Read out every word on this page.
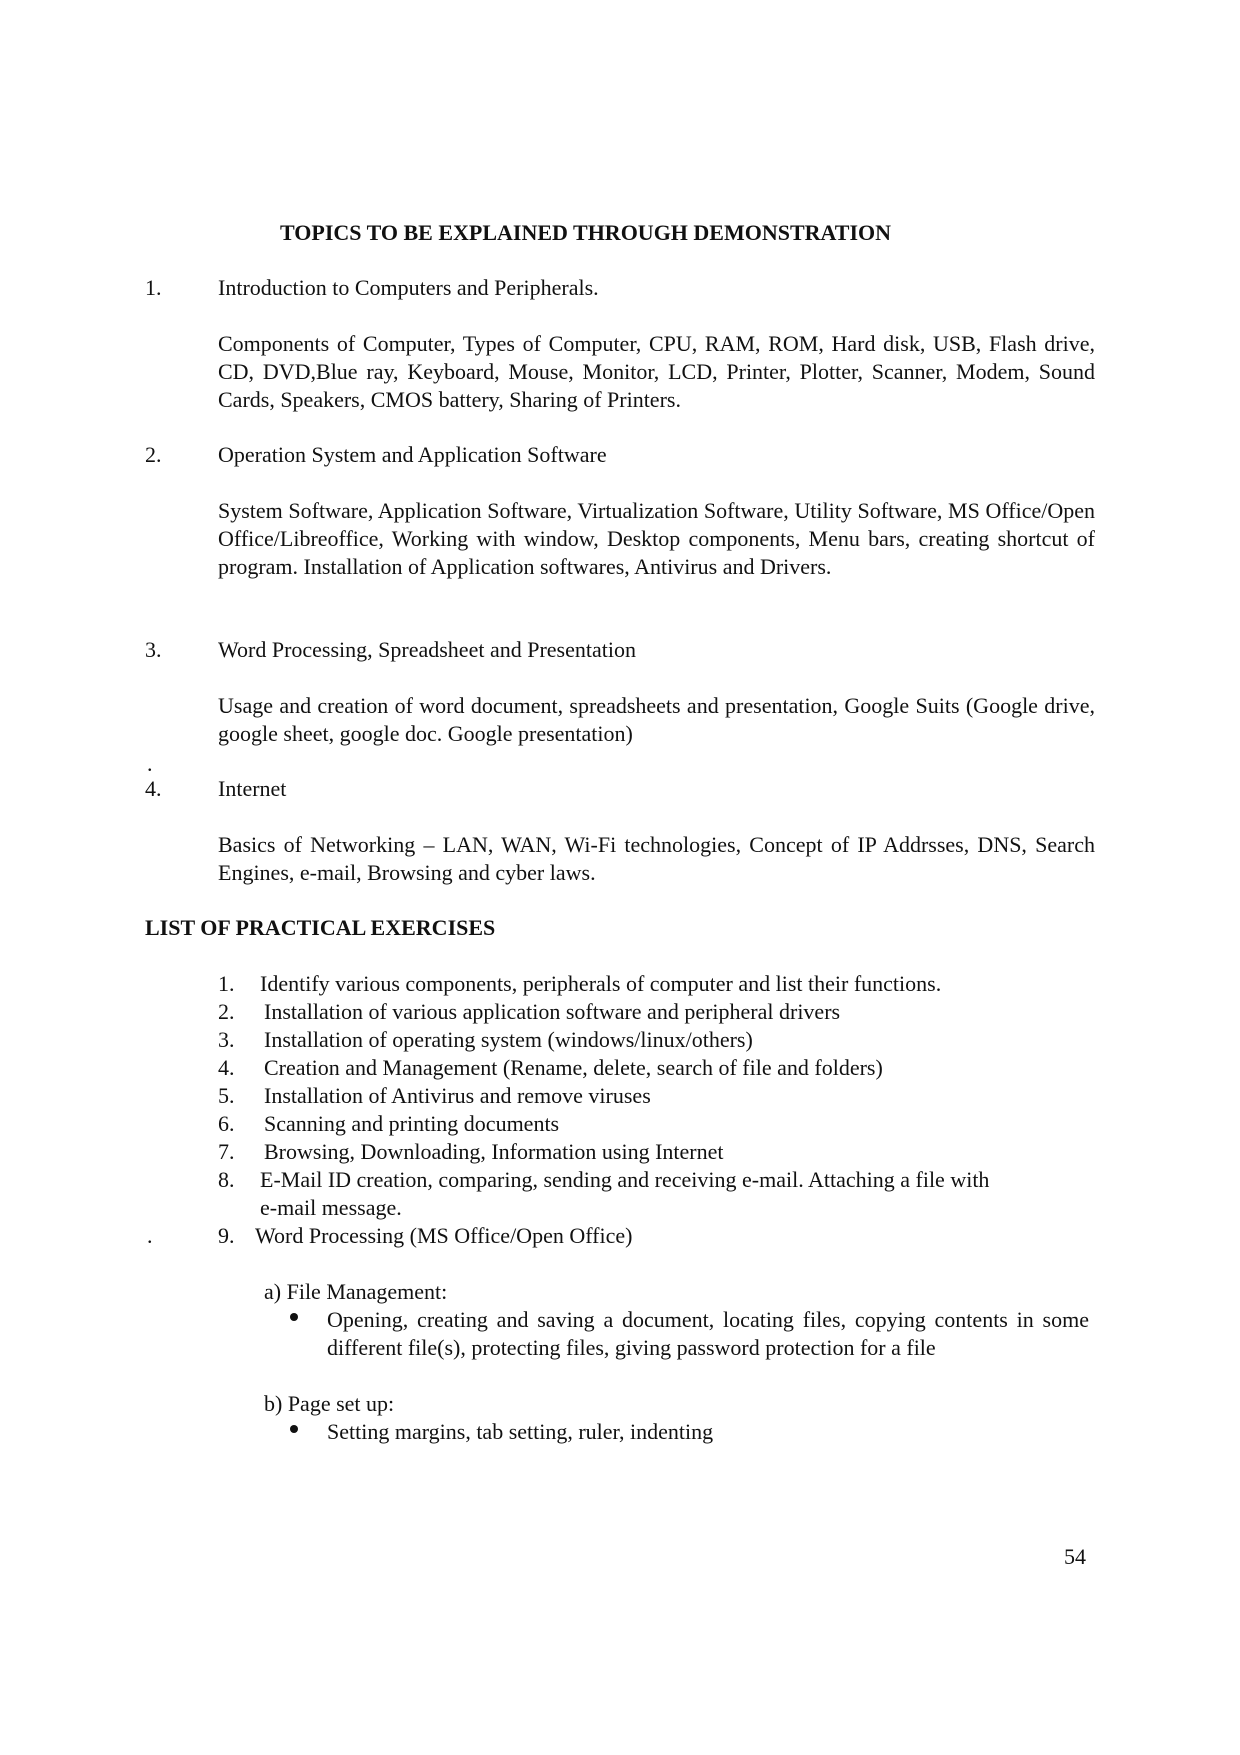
TOPICS TO BE EXPLAINED THROUGH DEMONSTRATION
1.	Introduction to Computers and Peripherals.
Components of Computer, Types of Computer, CPU, RAM, ROM, Hard disk, USB, Flash drive, CD, DVD,Blue ray, Keyboard, Mouse, Monitor, LCD, Printer, Plotter, Scanner, Modem, Sound Cards, Speakers, CMOS battery, Sharing of Printers.
2.	Operation System and Application Software
System Software, Application Software, Virtualization Software, Utility Software, MS Office/Open Office/Libreoffice, Working with window, Desktop components, Menu bars, creating shortcut of program. Installation of Application softwares, Antivirus and Drivers.
3.	Word Processing, Spreadsheet and Presentation
Usage and creation of word document, spreadsheets and presentation, Google Suits (Google drive, google sheet, google doc. Google presentation)
.
4.	Internet
Basics of Networking – LAN, WAN, Wi-Fi technologies, Concept of IP Addrsses, DNS, Search Engines, e-mail, Browsing and cyber laws.
LIST OF PRACTICAL EXERCISES
1. Identify various components, peripherals of computer and list their functions.
2. Installation of various application software and peripheral drivers
3. Installation of operating system (windows/linux/others)
4. Creation and Management (Rename, delete, search of file and folders)
5. Installation of Antivirus and remove viruses
6. Scanning and printing documents
7. Browsing, Downloading, Information using Internet
8. E-Mail ID creation, comparing, sending and receiving e-mail. Attaching a file with
e-mail message.
.	9. Word Processing (MS Office/Open Office)
a) File Management:
Opening, creating and saving a document, locating files, copying contents in some different file(s), protecting files, giving password protection for a file
b) Page set up:
Setting margins, tab setting, ruler, indenting
54
